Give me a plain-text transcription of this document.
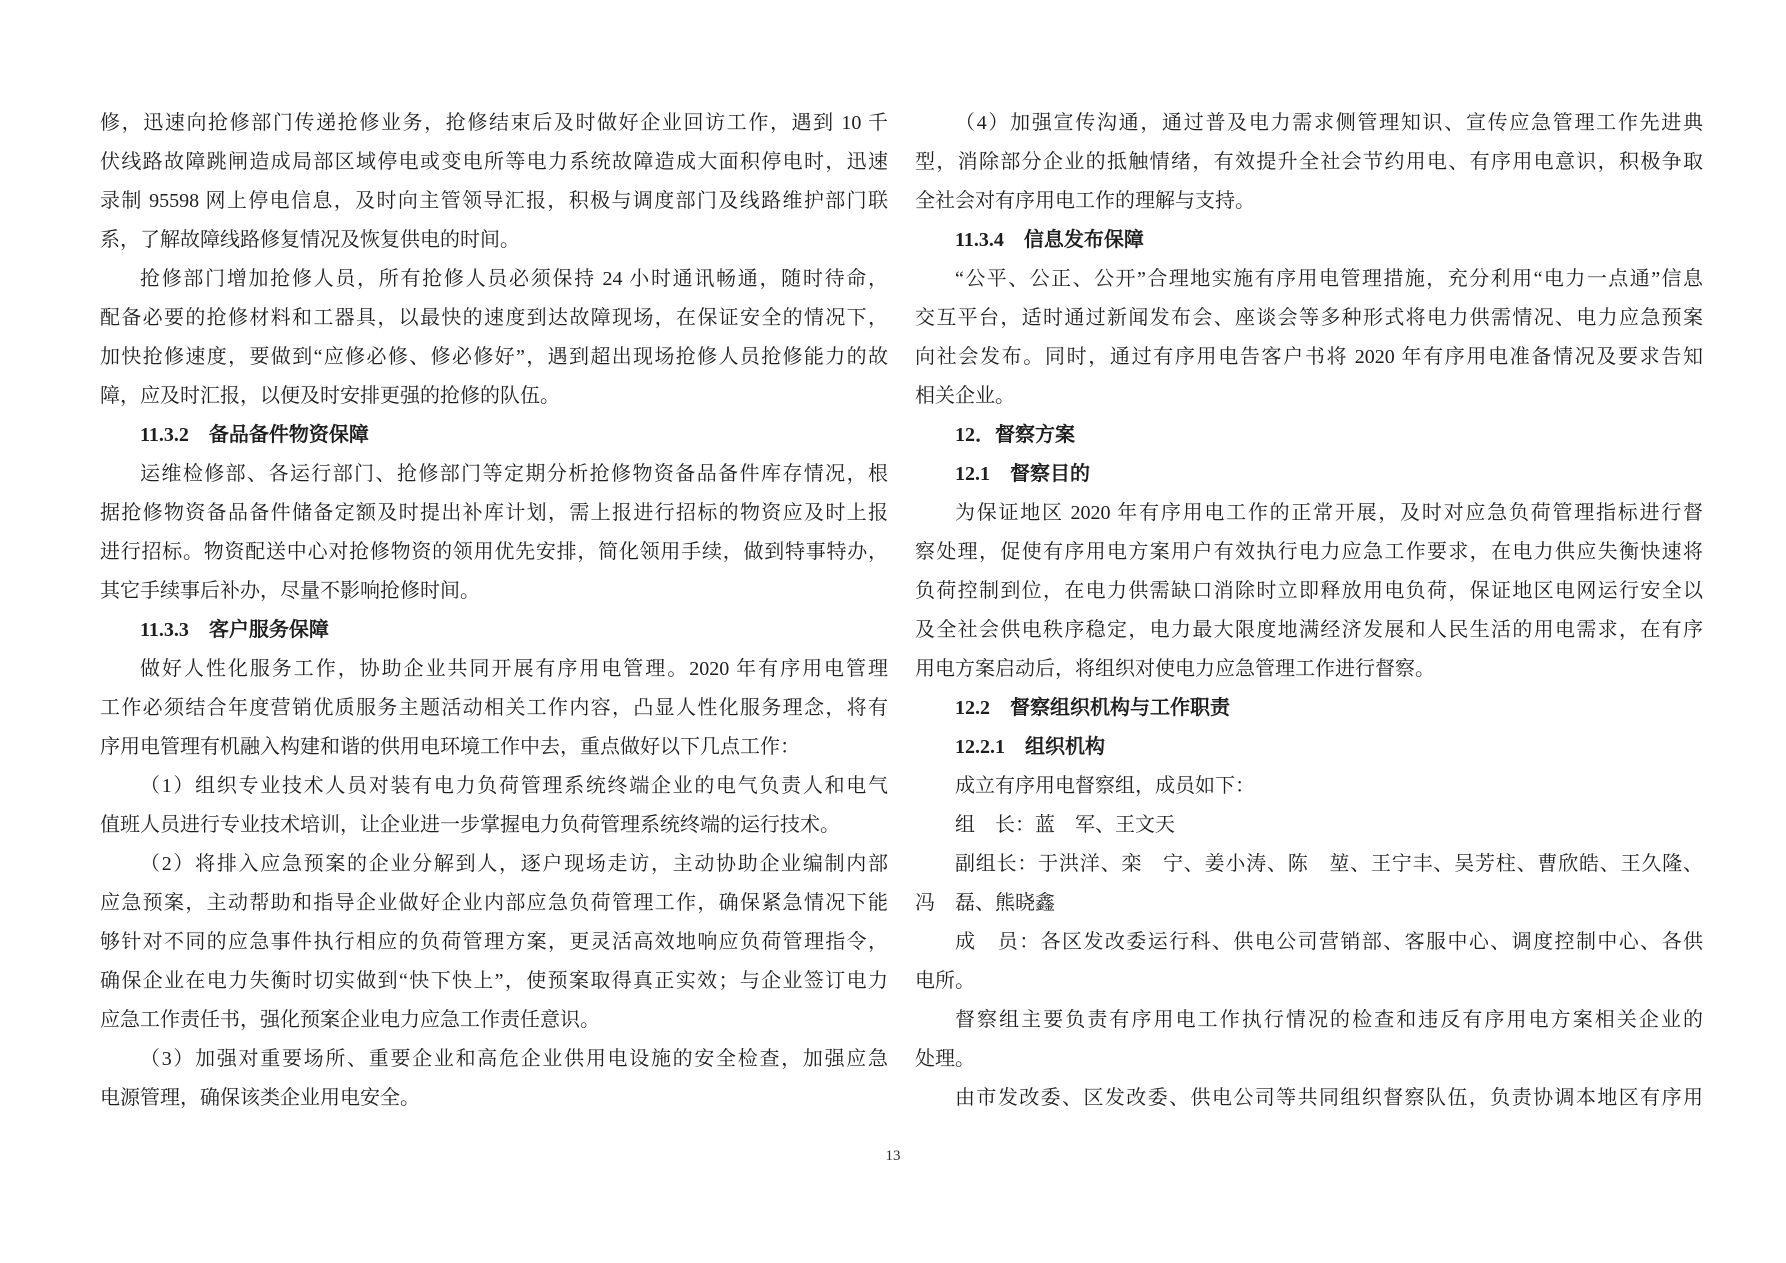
修，迅速向抢修部门传递抢修业务，抢修结束后及时做好企业回访工作，遇到 10 千
伏线路故障跳闸造成局部区域停电或变电所等电力系统故障造成大面积停电时，迅速
录制 95598 网上停电信息，及时向主管领导汇报，积极与调度部门及线路维护部门联
系，了解故障线路修复情况及恢复供电的时间。
抢修部门增加抢修人员，所有抢修人员必须保持 24 小时通讯畅通，随时待命，
配备必要的抢修材料和工器具，以最快的速度到达故障现场，在保证安全的情况下，
加快抢修速度，要做到“应修必修、修必修好”，遇到超出现场抢修人员抢修能力的故
障，应及时汇报，以便及时安排更强的抢修的队伍。
11.3.2　备品备件物资保障
运维检修部、各运行部门、抢修部门等定期分析抢修物资备品备件库存情况，根
据抢修物资备品备件储备定额及时提出补库计划，需上报进行招标的物资应及时上报
进行招标。物资配送中心对抢修物资的领用优先安排，简化领用手续，做到特事特办，
其它手续事后补办，尽量不影响抢修时间。
11.3.3　客户服务保障
做好人性化服务工作，协助企业共同开展有序用电管理。2020 年有序用电管理
工作必须结合年度营销优质服务主题活动相关工作内容，凸显人性化服务理念，将有
序用电管理有机融入构建和谐的供用电环境工作中去，重点做好以下几点工作：
（1）组织专业技术人员对装有电力负荷管理系统终端企业的电气负责人和电气
值班人员进行专业技术培训，让企业进一步掌握电力负荷管理系统终端的运行技术。
（2）将排入应急预案的企业分解到人，逐户现场走访，主动协助企业编制内部
应急预案，主动帮助和指导企业做好企业内部应急负荷管理工作，确保紧急情况下能
够针对不同的应急事件执行相应的负荷管理方案，更灵活高效地响应负荷管理指令，
确保企业在电力失衡时切实做到“快下快上”，使预案取得真正实效；与企业签订电力
应急工作责任书，强化预案企业电力应急工作责任意识。
（3）加强对重要场所、重要企业和高危企业供用电设施的安全检查，加强应急
电源管理，确保该类企业用电安全。
（4）加强宣传沟通，通过普及电力需求侧管理知识、宣传应急管理工作先进典
型，消除部分企业的抵触情绪，有效提升全社会节约用电、有序用电意识，积极争取
全社会对有序用电工作的理解与支持。
11.3.4　信息发布保障
“公平、公正、公开”合理地实施有序用电管理措施，充分利用“电力一点通”信息
交互平台，适时通过新闻发布会、座谈会等多种形式将电力供需情况、电力应急预案
向社会发布。同时，通过有序用电告客户书将 2020 年有序用电准备情况及要求告知
相关企业。
12．督察方案
12.1　督察目的
为保证地区 2020 年有序用电工作的正常开展，及时对应急负荷管理指标进行督
察处理，促使有序用电方案用户有效执行电力应急工作要求，在电力供应失衡快速将
负荷控制到位，在电力供需缺口消除时立即释放用电负荷，保证地区电网运行安全以
及全社会供电秩序稳定，电力最大限度地满经济发展和人民生活的用电需求，在有序
用电方案启动后，将组织对使电力应急管理工作进行督察。
12.2　督察组织机构与工作职责
12.2.1　组织机构
成立有序用电督察组，成员如下：
组　长：蓝　军、王文天
副组长：于洪洋、栾　宁、姜小涛、陈　堃、王宁丰、吴芳柱、曹欣皓、王久隆、
冯　磊、熊晓鑫
成　员：各区发改委运行科、供电公司营销部、客服中心、调度控制中心、各供
电所。
督察组主要负责有序用电工作执行情况的检查和违反有序用电方案相关企业的
处理。
由市发改委、区发改委、供电公司等共同组织督察队伍，负责协调本地区有序用
13
